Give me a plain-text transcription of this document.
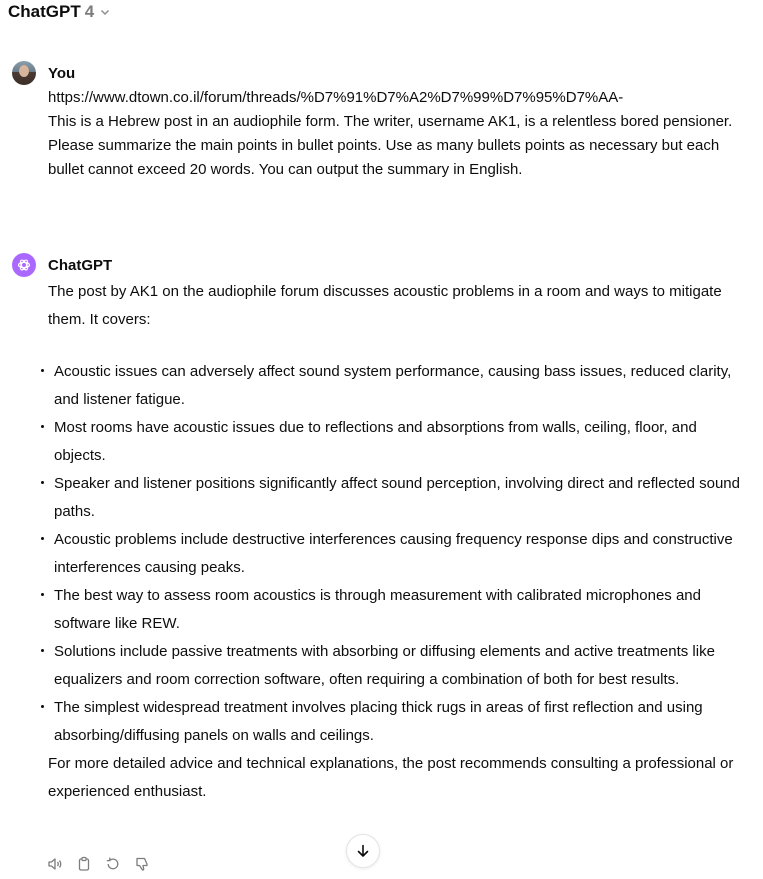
ChatGPT 4
You

https://www.dtown.co.il/forum/threads/%D7%91%D7%A2%D7%99%D7%95%D7%AA-

This is a Hebrew post in an audiophile form. The writer, username AK1, is a relentless bored pensioner. Please summarize the main points in bullet points. Use as many bullets points as necessary but each bullet cannot exceed 20 words. You can output the summary in English.

ChatGPT

The post by AK1 on the audiophile forum discusses acoustic problems in a room and ways to mitigate them. It covers:

Acoustic issues can adversely affect sound system performance, causing bass issues, reduced clarity, and listener fatigue.
Most rooms have acoustic issues due to reflections and absorptions from walls, ceiling, floor, and objects.
Speaker and listener positions significantly affect sound perception, involving direct and reflected sound paths.
Acoustic problems include destructive interferences causing frequency response dips and constructive interferences causing peaks.
The best way to assess room acoustics is through measurement with calibrated microphones and software like REW.
Solutions include passive treatments with absorbing or diffusing elements and active treatments like equalizers and room correction software, often requiring a combination of both for best results.
The simplest widespread treatment involves placing thick rugs in areas of first reflection and using absorbing/diffusing panels on walls and ceilings.

For more detailed advice and technical explanations, the post recommends consulting a professional or experienced enthusiast.
